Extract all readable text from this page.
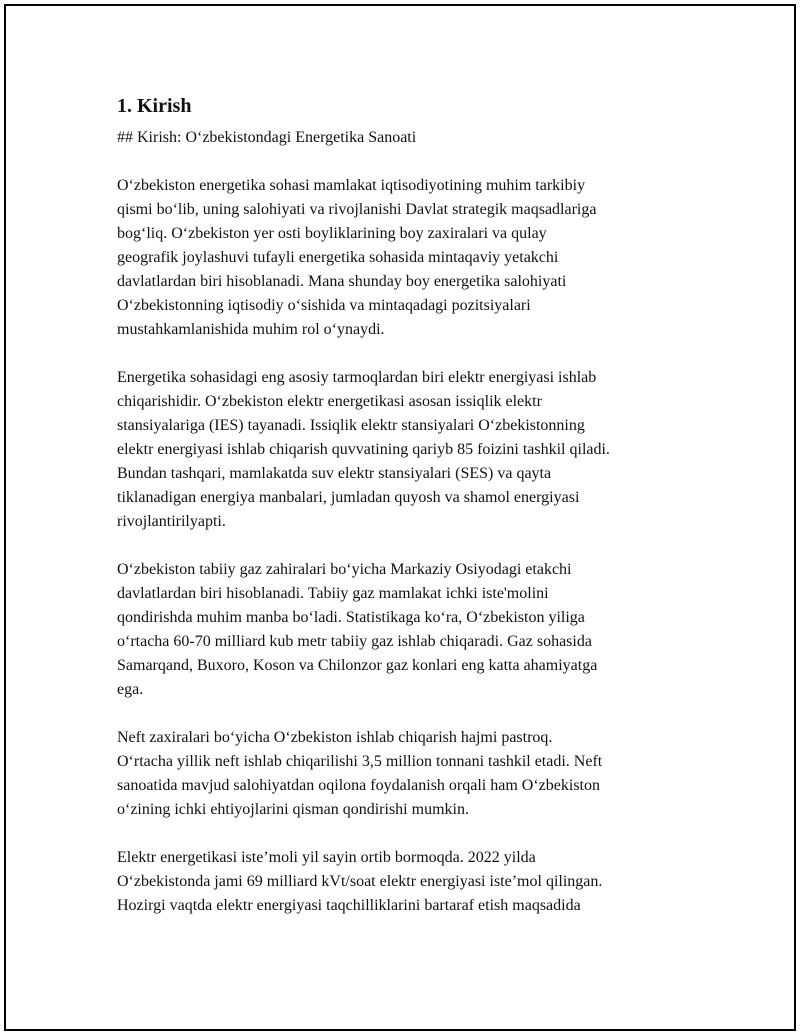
1. Kirish
## Kirish: O‘zbekistondagi Energetika Sanoati
O‘zbekiston energetika sohasi mamlakat iqtisodiyotining muhim tarkibiy
qismi bo‘lib, uning salohiyati va rivojlanishi Davlat strategik maqsadlariga
bog‘liq. O‘zbekiston yer osti boyliklarining boy zaxiralari va qulay
geografik joylashuvi tufayli energetika sohasida mintaqaviy yetakchi
davlatlardan biri hisoblanadi. Mana shunday boy energetika salohiyati
O‘zbekistonning iqtisodiy o‘sishida va mintaqadagi pozitsiyalari
mustahkamlanishida muhim rol o‘ynaydi.
Energetika sohasidagi eng asosiy tarmoqlardan biri elektr energiyasi ishlab
chiqarishidir. O‘zbekiston elektr energetikasi asosan issiqlik elektr
stansiyalariga (IES) tayanadi. Issiqlik elektr stansiyalari O‘zbekistonning
elektr energiyasi ishlab chiqarish quvvatining qariyb 85 foizini tashkil qiladi.
Bundan tashqari, mamlakatda suv elektr stansiyalari (SES) va qayta
tiklanadigan energiya manbalari, jumladan quyosh va shamol energiyasi
rivojlantirilyapti.
O‘zbekiston tabiiy gaz zahiralari bo‘yicha Markaziy Osiyodagi etakchi
davlatlardan biri hisoblanadi. Tabiiy gaz mamlakat ichki iste'molini
qondirishda muhim manba bo‘ladi. Statistikaga ko‘ra, O‘zbekiston yiliga
o‘rtacha 60-70 milliard kub metr tabiiy gaz ishlab chiqaradi. Gaz sohasida
Samarqand, Buxoro, Koson va Chilonzor gaz konlari eng katta ahamiyatga
ega.
Neft zaxiralari bo‘yicha O‘zbekiston ishlab chiqarish hajmi pastroq.
O‘rtacha yillik neft ishlab chiqarilishi 3,5 million tonnani tashkil etadi. Neft
sanoatida mavjud salohiyatdan oqilona foydalanish orqali ham O‘zbekiston
o‘zining ichki ehtiyojlarini qisman qondirishi mumkin.
Elektr energetikasi iste’moli yil sayin ortib bormoqda. 2022 yilda
O‘zbekistonda jami 69 milliard kVt/soat elektr energiyasi iste’mol qilingan.
Hozirgi vaqtda elektr energiyasi taqchilliklarini bartaraf etish maqsadida
